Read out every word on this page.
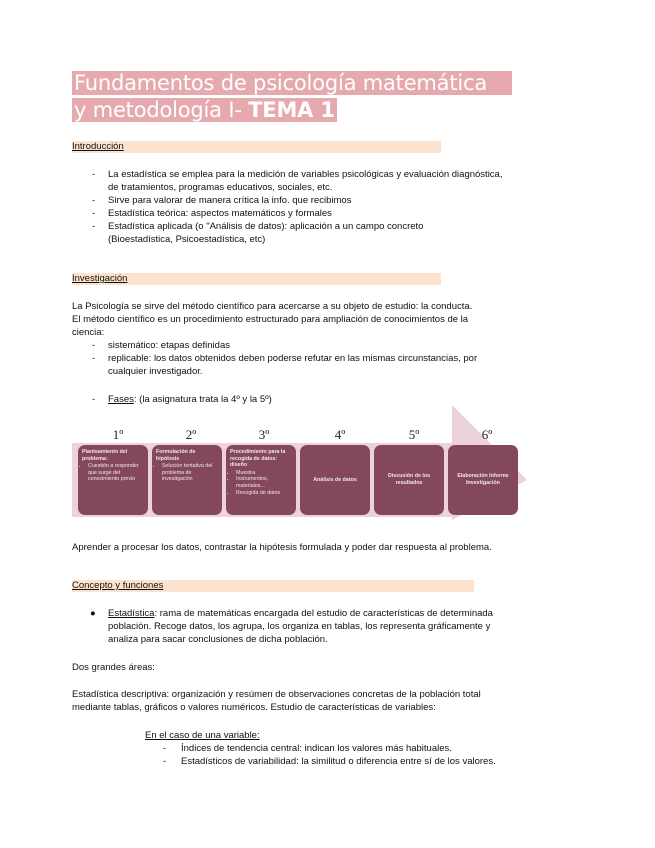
Fundamentos de psicología matemática
y metodología I- TEMA 1
Introducción
- La estadística se emplea para la medición de variables psicológicas y evaluación diagnóstica,
de tratamientos, programas educativos, sociales, etc.
- Sirve para valorar de manera crítica la info. que recibimos
- Estadística teórica: aspectos matemáticos y formales
- Estadística aplicada (o "Análisis de datos): aplicación a un campo concreto
(Bioestadística, Psicoestadística, etc)
Investigación
La Psicología se sirve del método científico para acercarse a su objeto de estudio: la conducta.
El método científico es un procedimiento estructurado para ampliación de conocimientos de la
ciencia:
- sistemático: etapas definidas
- replicable: los datos obtenidos deben poderse refutar en las mismas circunstancias, por
cualquier investigador.
- Fases: (la asignatura trata la 4º y la 5º)
1º	2º	3º	4º	5º	6º
Planteamiento del problema:
• Cuestión a responder que surge del conocimiento previo
Formulación de hipótesis
• Solución tentativa del problema de investigación
Procedimiento para la recogida de datos: diseño
• Muestra
• Instrumentos, materiales...
• Recogida de datos
Análisis de datos
Discusión de los resultados
Elaboración Informe Investigación
Aprender a procesar los datos, contrastar la hipótesis formulada y poder dar respuesta al problema.
Concepto y funciones
● Estadística: rama de matemáticas encargada del estudio de características de determinada
población. Recoge datos, los agrupa, los organiza en tablas, los representa gráficamente y
analiza para sacar conclusiones de dicha población.
Dos grandes áreas:
Estadística descriptiva: organización y resúmen de observaciones concretas de la población total
mediante tablas, gráficos o valores numéricos. Estudio de características de variables:
En el caso de una variable:
- Índices de tendencia central: indican los valores más habituales.
- Estadísticos de variabilidad: la similitud o diferencia entre sí de los valores.
